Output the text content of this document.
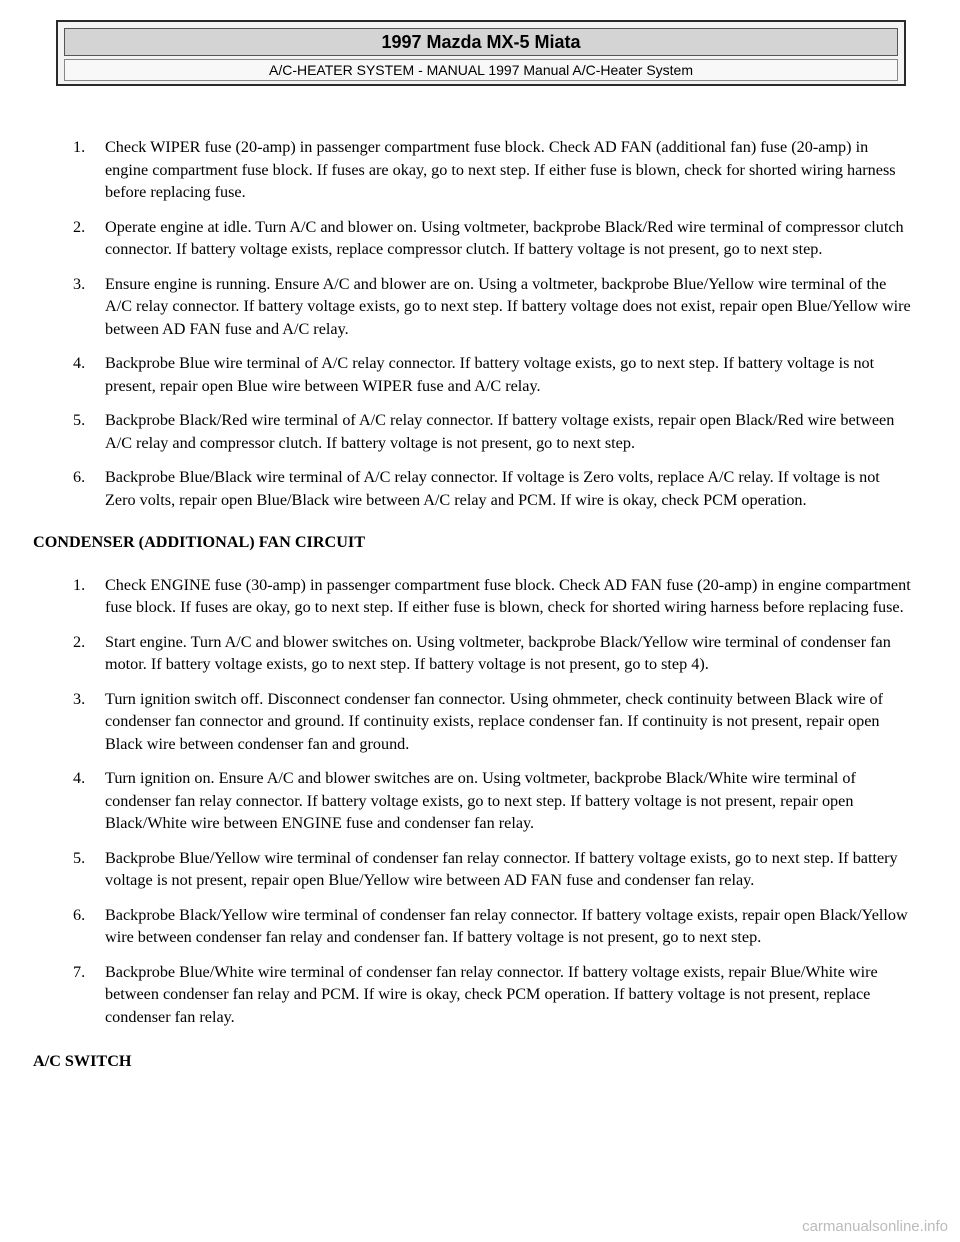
1997 Mazda MX-5 Miata
A/C-HEATER SYSTEM - MANUAL 1997 Manual A/C-Heater System
1. Check WIPER fuse (20-amp) in passenger compartment fuse block. Check AD FAN (additional fan) fuse (20-amp) in engine compartment fuse block. If fuses are okay, go to next step. If either fuse is blown, check for shorted wiring harness before replacing fuse.
2. Operate engine at idle. Turn A/C and blower on. Using voltmeter, backprobe Black/Red wire terminal of compressor clutch connector. If battery voltage exists, replace compressor clutch. If battery voltage is not present, go to next step.
3. Ensure engine is running. Ensure A/C and blower are on. Using a voltmeter, backprobe Blue/Yellow wire terminal of the A/C relay connector. If battery voltage exists, go to next step. If battery voltage does not exist, repair open Blue/Yellow wire between AD FAN fuse and A/C relay.
4. Backprobe Blue wire terminal of A/C relay connector. If battery voltage exists, go to next step. If battery voltage is not present, repair open Blue wire between WIPER fuse and A/C relay.
5. Backprobe Black/Red wire terminal of A/C relay connector. If battery voltage exists, repair open Black/Red wire between A/C relay and compressor clutch. If battery voltage is not present, go to next step.
6. Backprobe Blue/Black wire terminal of A/C relay connector. If voltage is Zero volts, replace A/C relay. If voltage is not Zero volts, repair open Blue/Black wire between A/C relay and PCM. If wire is okay, check PCM operation.
CONDENSER (ADDITIONAL) FAN CIRCUIT
1. Check ENGINE fuse (30-amp) in passenger compartment fuse block. Check AD FAN fuse (20-amp) in engine compartment fuse block. If fuses are okay, go to next step. If either fuse is blown, check for shorted wiring harness before replacing fuse.
2. Start engine. Turn A/C and blower switches on. Using voltmeter, backprobe Black/Yellow wire terminal of condenser fan motor. If battery voltage exists, go to next step. If battery voltage is not present, go to step 4).
3. Turn ignition switch off. Disconnect condenser fan connector. Using ohmmeter, check continuity between Black wire of condenser fan connector and ground. If continuity exists, replace condenser fan. If continuity is not present, repair open Black wire between condenser fan and ground.
4. Turn ignition on. Ensure A/C and blower switches are on. Using voltmeter, backprobe Black/White wire terminal of condenser fan relay connector. If battery voltage exists, go to next step. If battery voltage is not present, repair open Black/White wire between ENGINE fuse and condenser fan relay.
5. Backprobe Blue/Yellow wire terminal of condenser fan relay connector. If battery voltage exists, go to next step. If battery voltage is not present, repair open Blue/Yellow wire between AD FAN fuse and condenser fan relay.
6. Backprobe Black/Yellow wire terminal of condenser fan relay connector. If battery voltage exists, repair open Black/Yellow wire between condenser fan relay and condenser fan. If battery voltage is not present, go to next step.
7. Backprobe Blue/White wire terminal of condenser fan relay connector. If battery voltage exists, repair Blue/White wire between condenser fan relay and PCM. If wire is okay, check PCM operation. If battery voltage is not present, replace condenser fan relay.
A/C SWITCH
carmanualsonline.info
